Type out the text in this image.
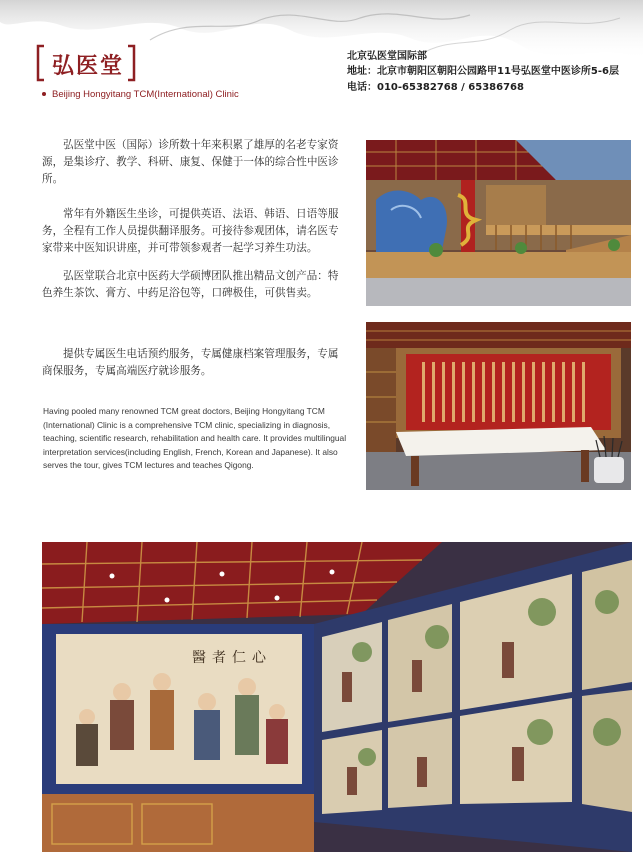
弘医堂
Beijing Hongyitang TCM(International) Clinic
北京弘医堂国际部
地址：北京市朝阳区朝阳公园路甲11号弘医堂中医诊所5-6层
电话：010-65382768 / 65386768

弘医堂中医（国际）诊所数十年来积累了雄厚的名老专家资源，是集诊疗、教学、科研、康复、保健于一体的综合性中医诊所。

常年有外籍医生坐诊，可提供英语、法语、韩语、日语等服务，全程有工作人员提供翻译服务。可接待参观团体，请名医专家带来中医知识讲座，并可带领参观者一起学习养生功法。

弘医堂联合北京中医药大学硕博团队推出精品文创产品：特色养生茶饮、膏方、中药足浴包等，口碑极佳，可供售卖。

提供专属医生电话预约服务，专属健康档案管理服务，专属商保服务，专属高端医疗就诊服务。

Having pooled many renowned TCM great doctors, Beijing Hongyitang TCM (International) Clinic is a comprehensive TCM clinic, specializing in diagnosis, teaching, scientific research, rehabilitation and health care. It provides multilingual interpretation services(including English, French, Korean and Japanese). It also serves the tour, gives TCM lectures and teaches Qigong.

醫者仁心
